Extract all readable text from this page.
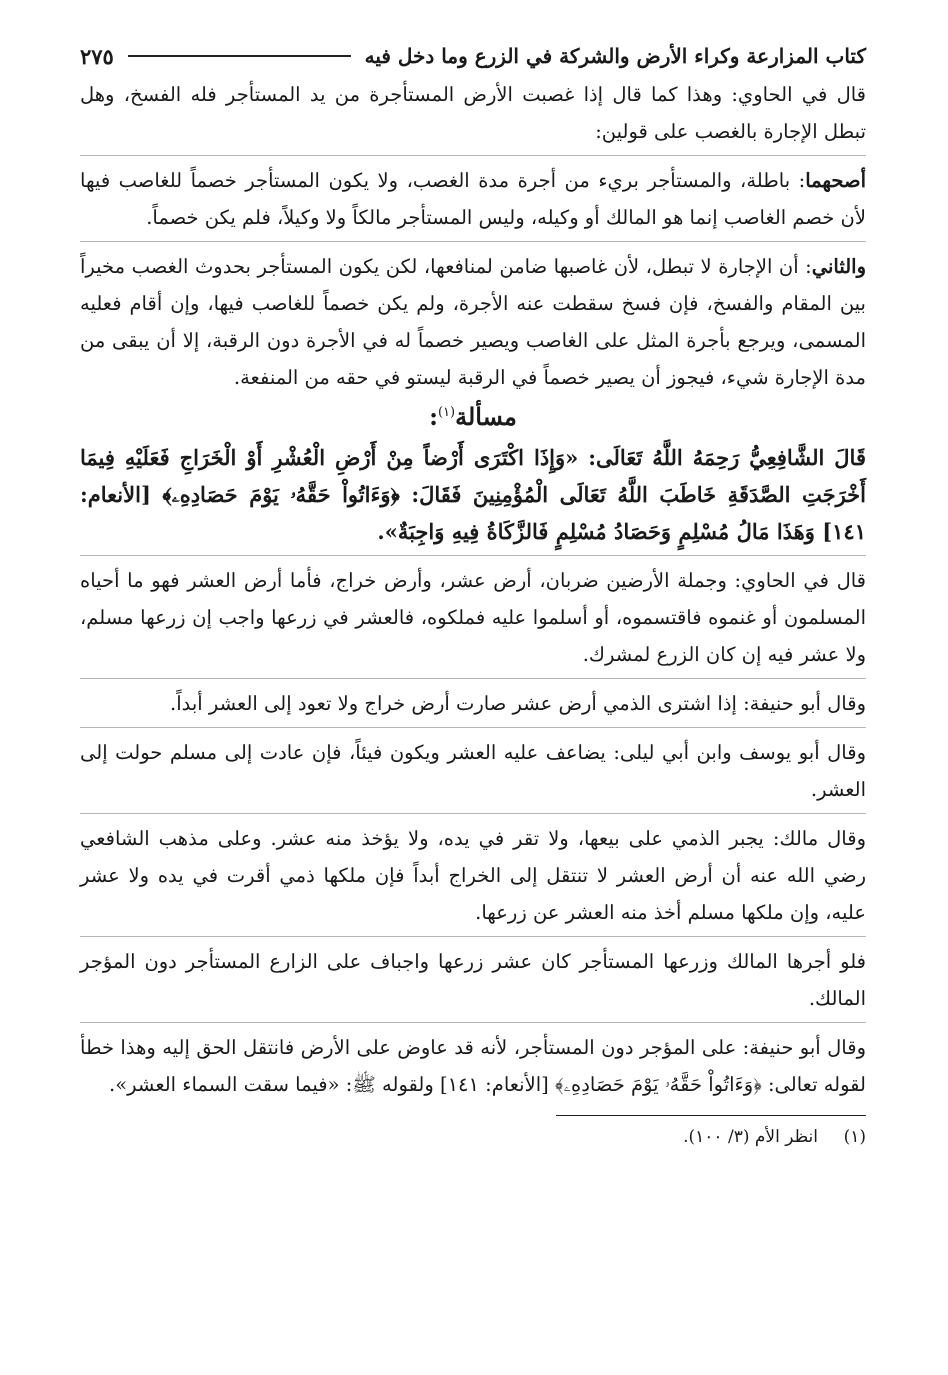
كتاب المزارعة وكراء الأرض والشركة في الزرع وما دخل فيه
٢٧٥

قال في الحاوي: وهذا كما قال إذا غصبت الأرض المستأجرة من يد المستأجر فله الفسخ، وهل تبطل الإجارة بالغصب على قولين:

أصحهما: باطلة، والمستأجر بريء من أجرة مدة الغصب، ولا يكون المستأجر خصماً للغاصب فيها لأن خصم الغاصب إنما هو المالك أو وكيله، وليس المستأجر مالكاً ولا وكيلاً، فلم يكن خصماً.

والثاني: أن الإجارة لا تبطل، لأن غاصبها ضامن لمنافعها، لكن يكون المستأجر بحدوث الغصب مخيراً بين المقام والفسخ، فإن فسخ سقطت عنه الأجرة، ولم يكن خصماً للغاصب فيها، وإن أقام فعليه المسمى، ويرجع بأجرة المثل على الغاصب ويصير خصماً له في الأجرة دون الرقبة، إلا أن يبقى من مدة الإجارة شيء، فيجوز أن يصير خصماً في الرقبة ليستو في حقه من المنفعة.

مسألة$^{(١)}$:

قَالَ الشَّافِعِيُّ رَحِمَهُ اللَّهُ تَعَالَى: «وَإِذَا اكْتَرَى أَرْضاً مِنْ أَرْضِ الْعُشْرِ أَوْ الْخَرَاجِ فَعَلَيْهِ فِيمَا أَخْرَجَتِ الصَّدَقَةِ خَاطَبَ اللَّهُ تَعَالَى الْمُؤْمِنِينَ فَقَالَ: ﴿وَءَاتُواْ حَقَّهُۥ يَوْمَ حَصَادِهِۦ﴾ [الأنعام: ١٤١] وَهَذَا مَالُ مُسْلِمٍ وَحَصَادُ مُسْلِمٍ فَالزَّكَاةُ فِيهِ وَاجِبَةٌ».

قال في الحاوي: وجملة الأرضين ضربان، أرض عشر، وأرض خراج، فأما أرض العشر فهو ما أحياه المسلمون أو غنموه فاقتسموه، أو أسلموا عليه فملكوه، فالعشر في زرعها واجب إن زرعها مسلم، ولا عشر فيه إن كان الزرع لمشرك.

وقال أبو حنيفة: إذا اشترى الذمي أرض عشر صارت أرض خراج ولا تعود إلى العشر أبداً.

وقال أبو يوسف وابن أبي ليلى: يضاعف عليه العشر ويكون فيئاً، فإن عادت إلى مسلم حولت إلى العشر.

وقال مالك: يجبر الذمي على بيعها، ولا تقر في يده، ولا يؤخذ منه عشر. وعلى مذهب الشافعي رضي الله عنه أن أرض العشر لا تنتقل إلى الخراج أبداً فإن ملكها ذمي أقرت في يده ولا عشر عليه، وإن ملكها مسلم أخذ منه العشر عن زرعها.

فلو أجرها المالك وزرعها المستأجر كان عشر زرعها واجباف على الزارع المستأجر دون المؤجر المالك.

وقال أبو حنيفة: على المؤجر دون المستأجر، لأنه قد عاوض على الأرض فانتقل الحق إليه وهذا خطأ لقوله تعالى: ﴿وَءَاتُواْ حَقَّهُۥ يَوْمَ حَصَادِهِۦ﴾ [الأنعام: ١٤١] ولقوله ﷺ: «فيما سقت السماء العشر».

(١)انظر الأم (٣/ ١٠٠).
